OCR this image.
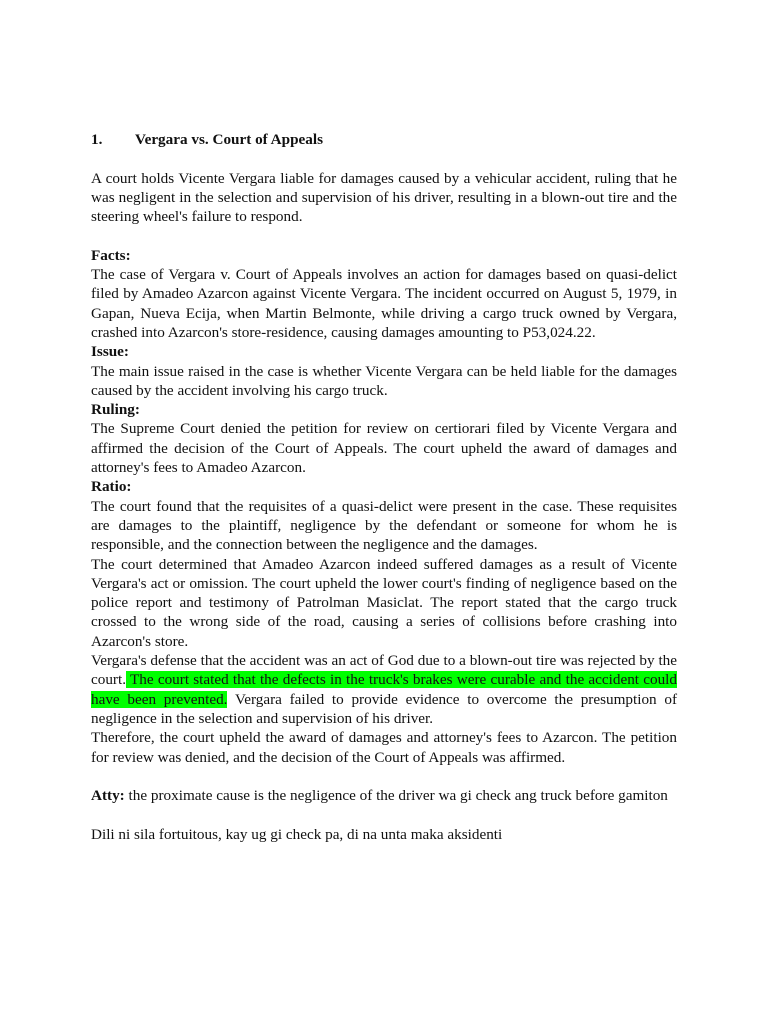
1.	Vergara vs. Court of Appeals

A court holds Vicente Vergara liable for damages caused by a vehicular accident, ruling that he was negligent in the selection and supervision of his driver, resulting in a blown-out tire and the steering wheel's failure to respond.

Facts:

The case of Vergara v. Court of Appeals involves an action for damages based on quasi-delict filed by Amadeo Azarcon against Vicente Vergara. The incident occurred on August 5, 1979, in Gapan, Nueva Ecija, when Martin Belmonte, while driving a cargo truck owned by Vergara, crashed into Azarcon's store-residence, causing damages amounting to P53,024.22.

Issue:

The main issue raised in the case is whether Vicente Vergara can be held liable for the damages caused by the accident involving his cargo truck.

Ruling:

The Supreme Court denied the petition for review on certiorari filed by Vicente Vergara and affirmed the decision of the Court of Appeals. The court upheld the award of damages and attorney's fees to Amadeo Azarcon.

Ratio:

The court found that the requisites of a quasi-delict were present in the case. These requisites are damages to the plaintiff, negligence by the defendant or someone for whom he is responsible, and the connection between the negligence and the damages.

The court determined that Amadeo Azarcon indeed suffered damages as a result of Vicente Vergara's act or omission. The court upheld the lower court's finding of negligence based on the police report and testimony of Patrolman Masiclat. The report stated that the cargo truck crossed to the wrong side of the road, causing a series of collisions before crashing into Azarcon's store.

Vergara's defense that the accident was an act of God due to a blown-out tire was rejected by the court. The court stated that the defects in the truck's brakes were curable and the accident could have been prevented. Vergara failed to provide evidence to overcome the presumption of negligence in the selection and supervision of his driver.

Therefore, the court upheld the award of damages and attorney's fees to Azarcon. The petition for review was denied, and the decision of the Court of Appeals was affirmed.

Atty: the proximate cause is the negligence of the driver wa gi check ang truck before gamiton

Dili ni sila fortuitous, kay ug gi check pa, di na unta maka aksidenti
